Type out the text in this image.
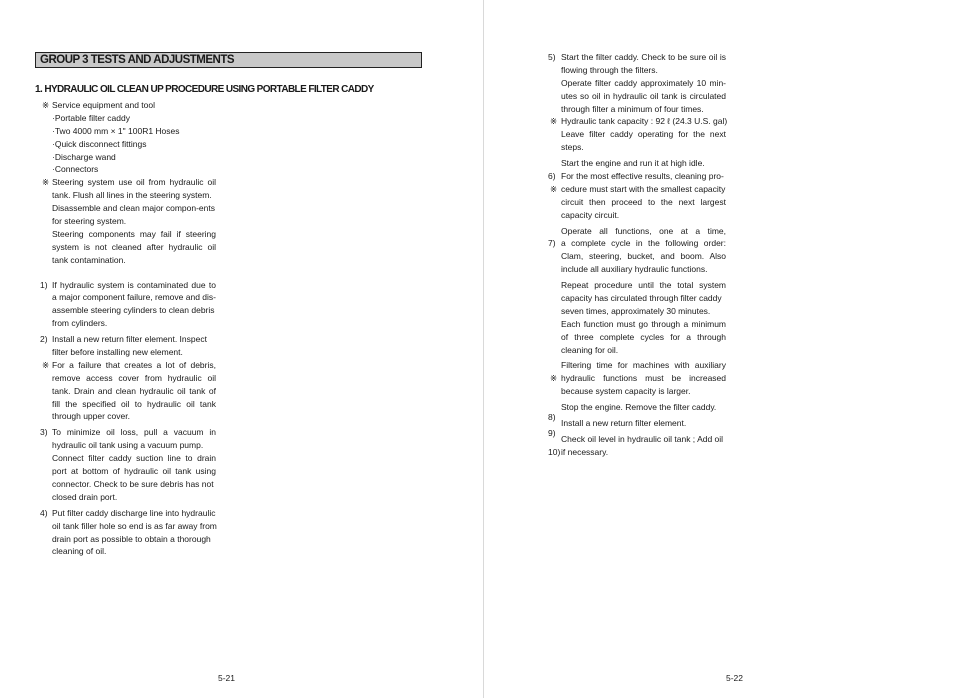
GROUP 3 TESTS AND ADJUSTMENTS
1. HYDRAULIC OIL CLEAN UP PROCEDURE USING PORTABLE FILTER CADDY
※ Service equipment and tool
·Portable filter caddy
·Two 4000 mm × 1" 100R1 Hoses
·Quick disconnect fittings
·Discharge wand
·Connectors
※ Steering system use oil from hydraulic oil
tank. Flush all lines in the steering system.
Disassemble and clean major compon-ents
for steering system.
Steering components may fail if steering
system is not cleaned after hydraulic oil
tank contamination.
1) If hydraulic system is contaminated due to
a major component failure, remove and dis-
assemble steering cylinders to clean debris
from cylinders.
2) Install a new return filter element. Inspect
filter before installing new element.
※ For a failure that creates a lot of debris,
remove access cover from hydraulic oil
tank. Drain and clean hydraulic oil tank of
fill the specified oil to hydraulic oil tank
through upper cover.
3) To minimize oil loss, pull a vacuum in
hydraulic oil tank using a vacuum pump.
Connect filter caddy suction line to drain
port at bottom of hydraulic oil tank using
connector. Check to be sure debris has not
closed drain port.
4) Put filter caddy discharge line into hydraulic
oil tank filler hole so end is as far away from
drain port as possible to obtain a thorough
cleaning of oil.
5-21	5-22
5) Start the filter caddy. Check to be sure oil is
flowing through the filters.
Operate filter caddy approximately 10 min-
utes so oil in hydraulic oil tank is circulated
through filter a minimum of four times.
※ Hydraulic tank capacity : 92 ℓ (24.3 U.S. gal)
Leave filter caddy operating for the next
steps.
Start the engine and run it at high idle.
6) For the most effective results, cleaning pro-
※ cedure must start with the smallest capacity
circuit then proceed to the next largest
capacity circuit.
Operate all functions, one at a time,
7) a complete cycle in the following order:
Clam, steering, bucket, and boom. Also
include all auxiliary hydraulic functions.
Repeat procedure until the total system
capacity has circulated through filter caddy
seven times, approximately 30 minutes.
Each function must go through a minimum
of three complete cycles for a through
cleaning for oil.
Filtering time for machines with auxiliary
※ hydraulic functions must be increased
because system capacity is larger.
Stop the engine. Remove the filter caddy.
8)
Install a new return filter element.
9)
Check oil level in hydraulic oil tank ; Add oil
10) if necessary.
